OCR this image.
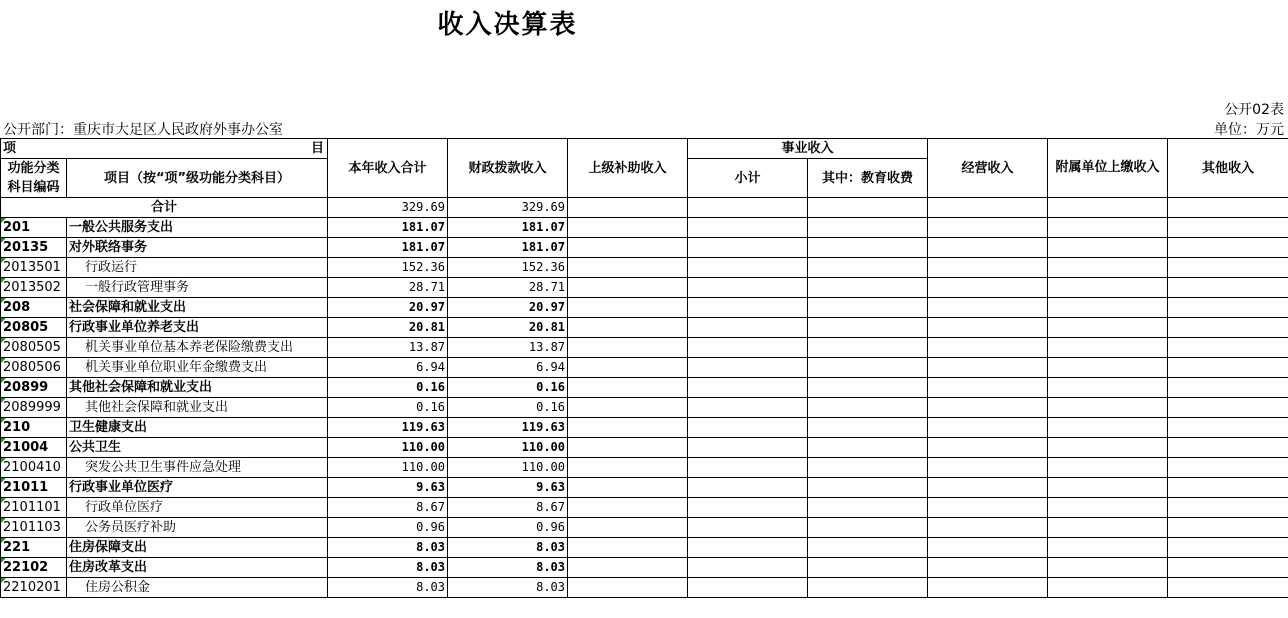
收入决算表
公开02表
单位：万元
公开部门：重庆市大足区人民政府外事办公室
项 目		本年收入合计	财政拨款收入	上级补助收入	事业收入		经营收入	附属单位上缴收入	其他收入
功能分类科目编码	项目（按“项”级功能分类科目）				小计	其中：教育收费			

合计		329.69	329.69						
201	一般公共服务支出	181.07	181.07						
20135	对外联络事务	181.07	181.07						
2013501	行政运行	152.36	152.36						
2013502	一般行政管理事务	28.71	28.71						
208	社会保障和就业支出	20.97	20.97						
20805	行政事业单位养老支出	20.81	20.81						
2080505	机关事业单位基本养老保险缴费支出	13.87	13.87						
2080506	机关事业单位职业年金缴费支出	6.94	6.94						
20899	其他社会保障和就业支出	0.16	0.16						
2089999	其他社会保障和就业支出	0.16	0.16						
210	卫生健康支出	119.63	119.63						
21004	公共卫生	110.00	110.00						
2100410	突发公共卫生事件应急处理	110.00	110.00						
21011	行政事业单位医疗	9.63	9.63						
2101101	行政单位医疗	8.67	8.67						
2101103	公务员医疗补助	0.96	0.96						
221	住房保障支出	8.03	8.03						
22102	住房改革支出	8.03	8.03						
2210201	住房公积金	8.03	8.03						
